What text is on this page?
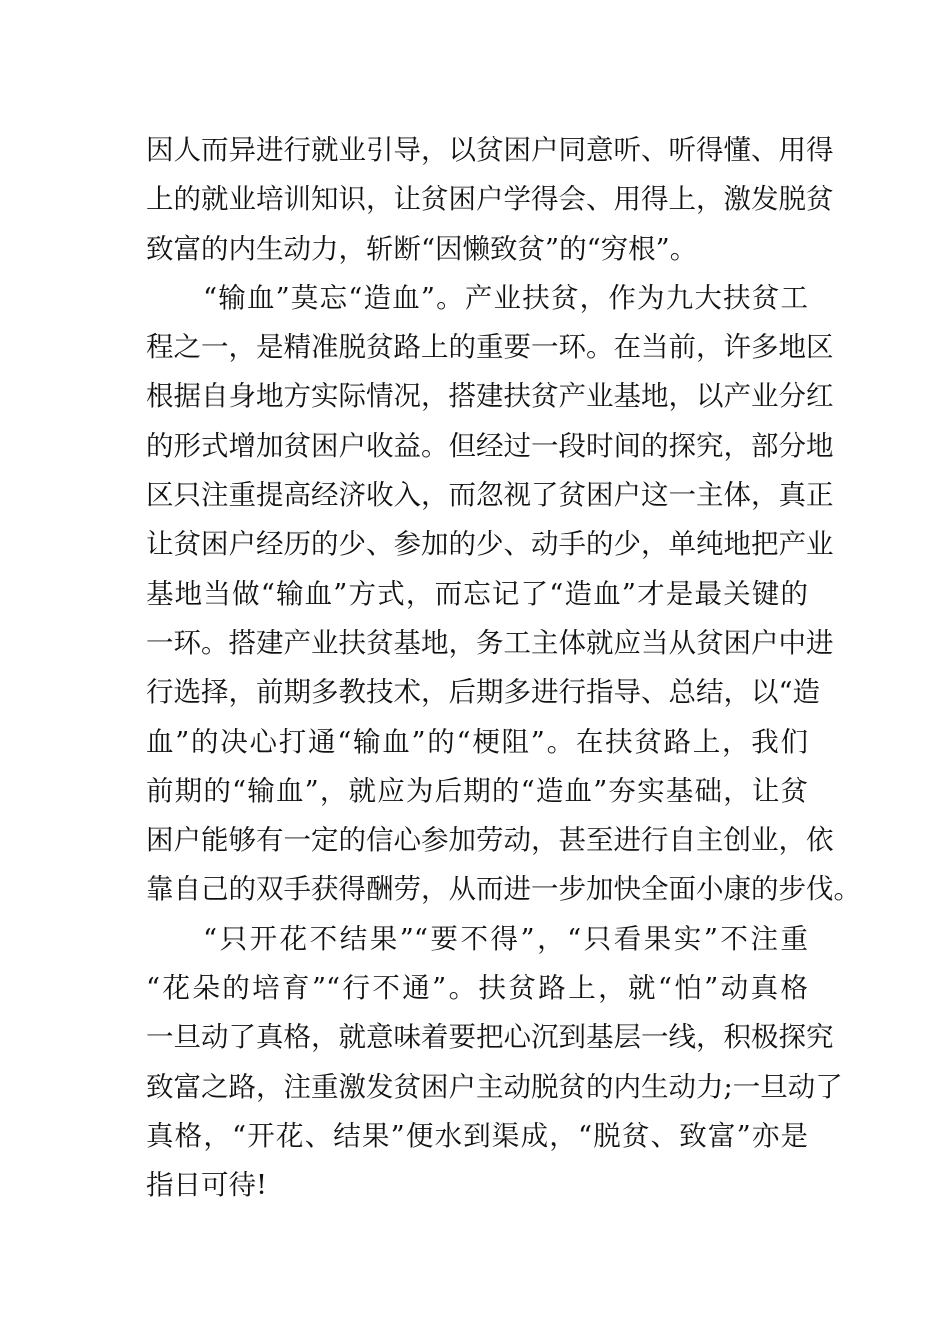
因人而异进行就业引导，以贫困户同意听、听得懂、用得
上的就业培训知识，让贫困户学得会、用得上，激发脱贫
致富的内生动力，斩断“因懒致贫”的“穷根”。
“输血”莫忘“造血”。产业扶贫，作为九大扶贫工
程之一，是精准脱贫路上的重要一环。在当前，许多地区
根据自身地方实际情况，搭建扶贫产业基地，以产业分红
的形式增加贫困户收益。但经过一段时间的探究，部分地
区只注重提高经济收入，而忽视了贫困户这一主体，真正
让贫困户经历的少、参加的少、动手的少，单纯地把产业
基地当做“输血”方式，而忘记了“造血”才是最关键的
一环。搭建产业扶贫基地，务工主体就应当从贫困户中进
行选择，前期多教技术，后期多进行指导、总结，以“造
血”的决心打通“输血”的“梗阻”。在扶贫路上，我们
前期的“输血”，就应为后期的“造血”夯实基础，让贫
困户能够有一定的信心参加劳动，甚至进行自主创业，依
靠自己的双手获得酬劳，从而进一步加快全面小康的步伐。
“只开花不结果”“要不得”，“只看果实”不注重
“花朵的培育”“行不通”。扶贫路上，就“怕”动真格
一旦动了真格，就意味着要把心沉到基层一线，积极探究
致富之路，注重激发贫困户主动脱贫的内生动力;一旦动了
真格，“开花、结果”便水到渠成，“脱贫、致富”亦是
指日可待!
